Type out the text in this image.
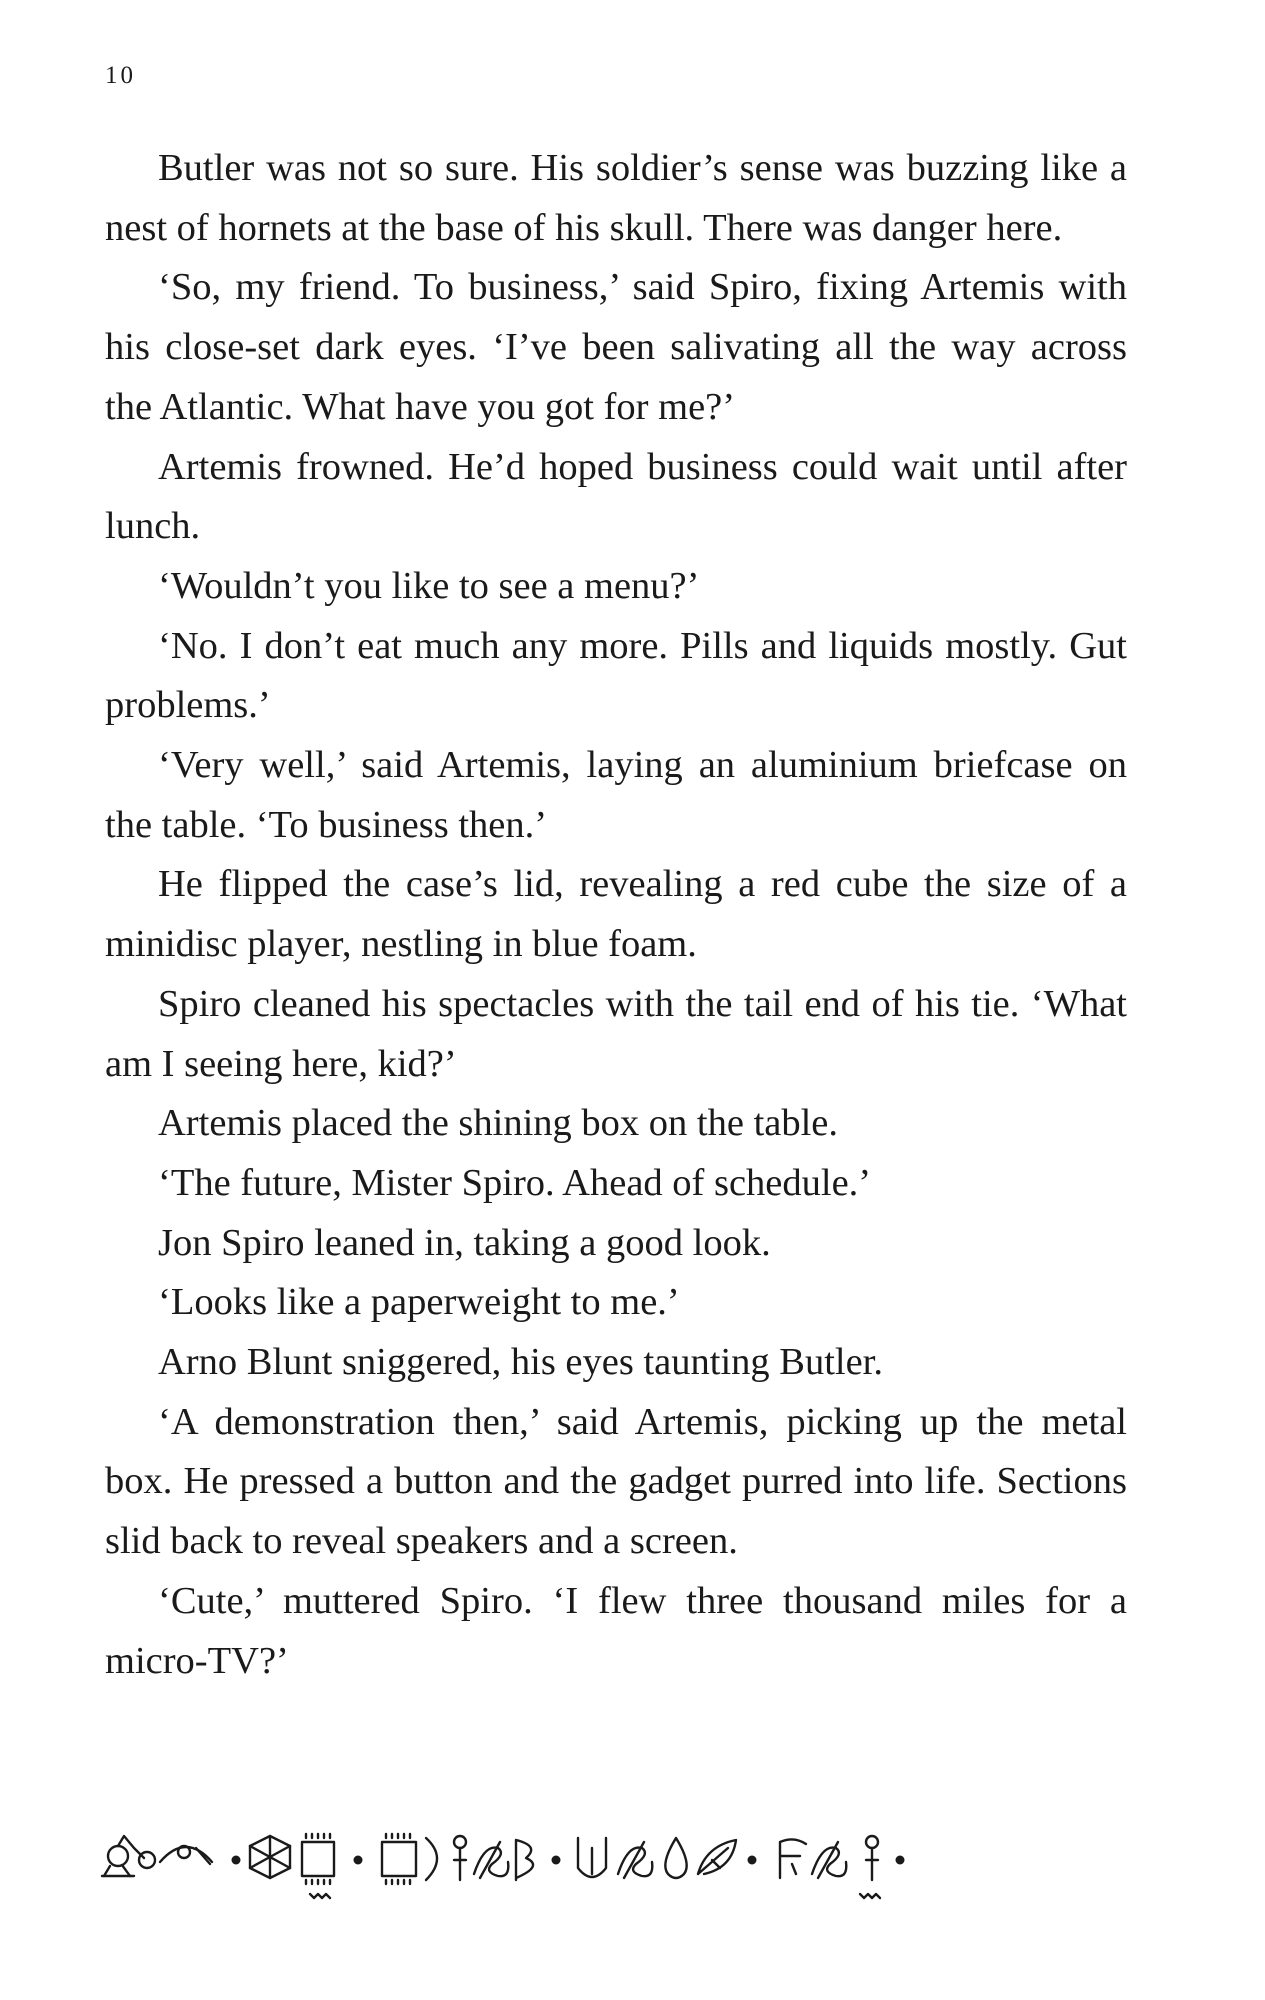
10

Butler was not so sure. His soldier’s sense was buzzing like a nest of hornets at the base of his skull. There was danger here.

‘So, my friend. To business,’ said Spiro, fixing Artemis with his close-set dark eyes. ‘I’ve been salivating all the way across the Atlantic. What have you got for me?’

Artemis frowned. He’d hoped business could wait until after lunch.

‘Wouldn’t you like to see a menu?’

‘No. I don’t eat much any more. Pills and liquids mostly. Gut problems.’

‘Very well,’ said Artemis, laying an aluminium briefcase on the table. ‘To business then.’

He flipped the case’s lid, revealing a red cube the size of a minidisc player, nestling in blue foam.

Spiro cleaned his spectacles with the tail end of his tie. ‘What am I seeing here, kid?’

Artemis placed the shining box on the table.

‘The future, Mister Spiro. Ahead of schedule.’

Jon Spiro leaned in, taking a good look.

‘Looks like a paperweight to me.’

Arno Blunt sniggered, his eyes taunting Butler.

‘A demonstration then,’ said Artemis, picking up the metal box. He pressed a button and the gadget purred into life. Sections slid back to reveal speakers and a screen.

‘Cute,’ muttered Spiro. ‘I flew three thousand miles for a micro-TV?’
